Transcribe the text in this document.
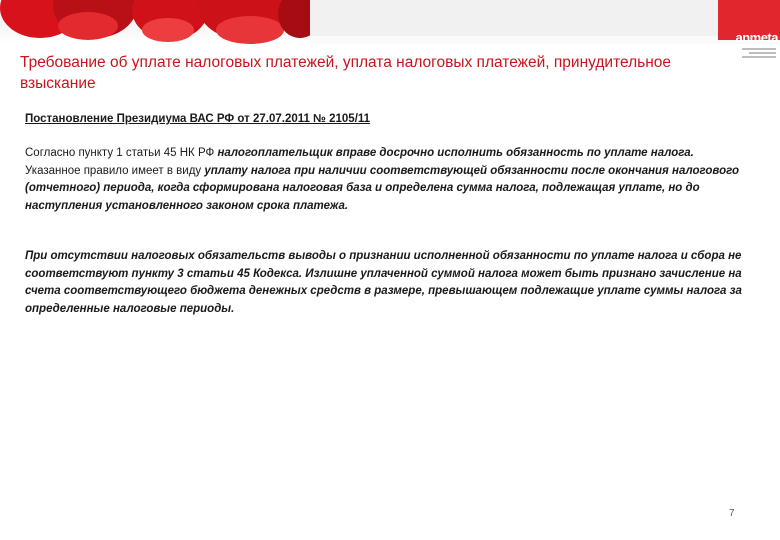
anmeta
Требование об уплате налоговых платежей, уплата налоговых платежей, принудительное взыскание

Постановление Президиума ВАС РФ от 27.07.2011 № 2105/11

Согласно пункту 1 статьи 45 НК РФ налогоплательщик вправе досрочно исполнить обязанность по уплате налога. Указанное правило имеет в виду уплату налога при наличии соответствующей обязанности после окончания налогового (отчетного) периода, когда сформирована налоговая база и определена сумма налога, подлежащая уплате, но до наступления установленного законом срока платежа.

При отсутствии налоговых обязательств выводы о признании исполненной обязанности по уплате налога и сбора не соответствуют пункту 3 статьи 45 Кодекса. Излишне уплаченной суммой налога может быть признано зачисление на счета соответствующего бюджета денежных средств в размере, превышающем подлежащие уплате суммы налога за определенные налоговые периоды.

7
